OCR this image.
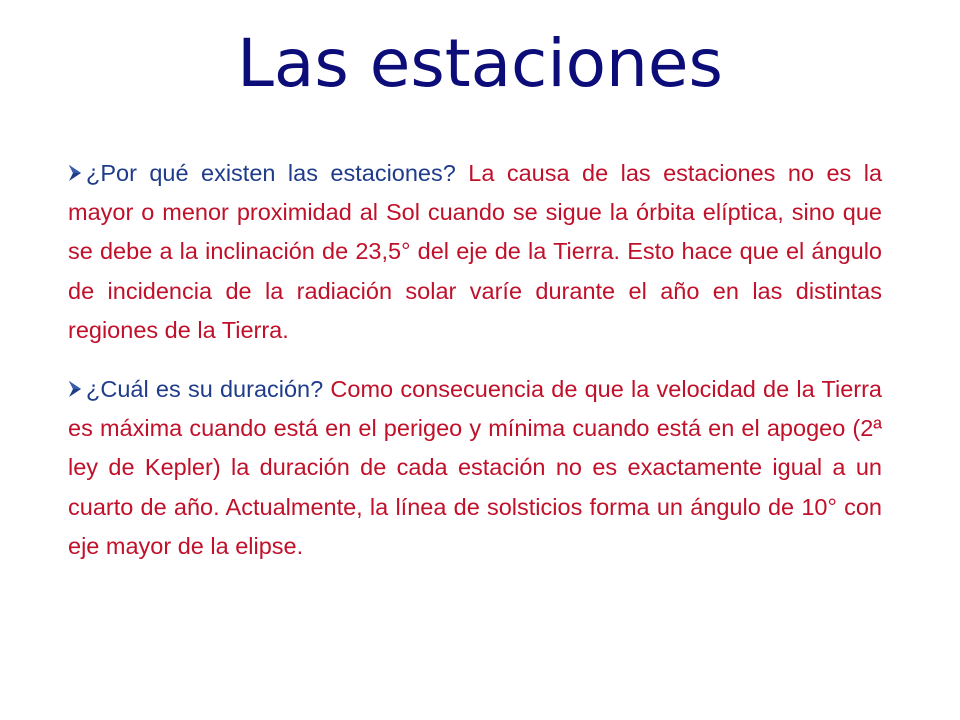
Las estaciones

¿Por qué existen las estaciones? La causa de las estaciones no es la mayor o menor proximidad al Sol cuando se sigue la órbita elíptica, sino que se debe a la inclinación de 23,5° del eje de la Tierra. Esto hace que el ángulo de incidencia de la radiación solar varíe durante el año en las distintas regiones de la Tierra.

¿Cuál es su duración? Como consecuencia de que la velocidad de la Tierra es máxima cuando está en el perigeo y mínima cuando está en el apogeo (2ª ley de Kepler) la duración de cada estación no es exactamente igual a un cuarto de año. Actualmente, la línea de solsticios forma un ángulo de 10° con eje mayor de la elipse.
